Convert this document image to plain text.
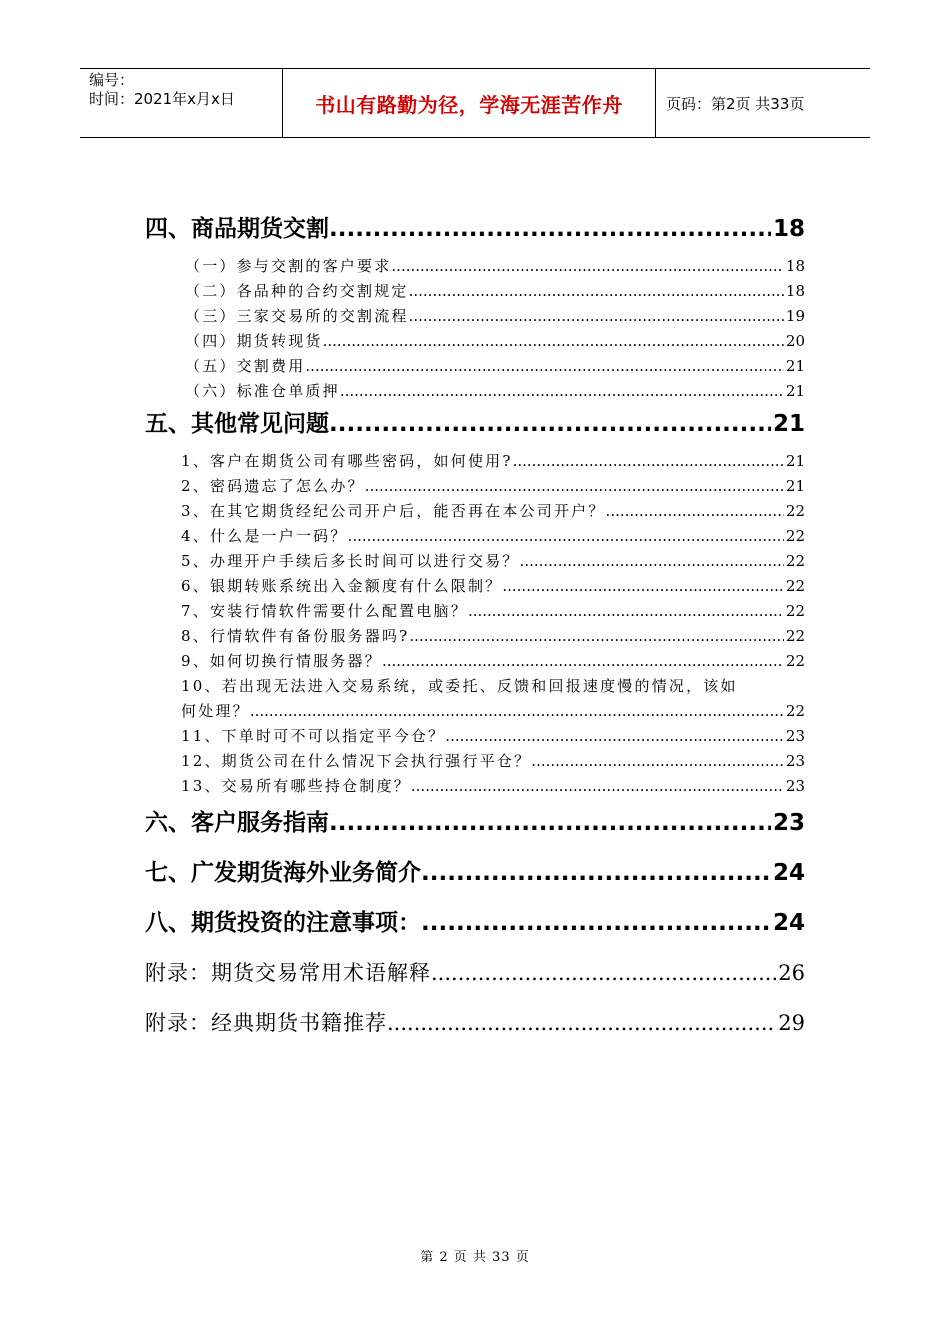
编号：
时间：2021年x月x日	书山有路勤为径，学海无涯苦作舟	页码：第2页 共33页
四、商品期货交割 .....	18
（一）参与交割的客户要求 .....	18
（二）各品种的合约交割规定 .....	18
（三）三家交易所的交割流程 .....	19
（四）期货转现货 .....	20
（五）交割费用 .....	21
（六）标准仓单质押 .....	21
五、其他常见问题 .....	21
1、客户在期货公司有哪些密码，如何使用? .....	21
2、密码遗忘了怎么办？ .....	21
3、在其它期货经纪公司开户后，能否再在本公司开户？ .....	22
4、什么是一户一码？ .....	22
5、办理开户手续后多长时间可以进行交易？ .....	22
6、银期转账系统出入金额度有什么限制？ .....	22
7、安装行情软件需要什么配置电脑？ .....	22
8、行情软件有备份服务器吗? .....	22
9、如何切换行情服务器？ .....	22
10、若出现无法进入交易系统，或委托、反馈和回报速度慢的情况，该如
何处理？ .....	22
11、下单时可不可以指定平今仓？ .....	23
12、期货公司在什么情况下会执行强行平仓？ .....	23
13、交易所有哪些持仓制度？ .....	23
六、客户服务指南 .....	23
七、广发期货海外业务简介 .....	24
八、期货投资的注意事项： .....	24
附录：期货交易常用术语解释 .....	26
附录：经典期货书籍推荐 .....	29
第 2 页 共 33 页
